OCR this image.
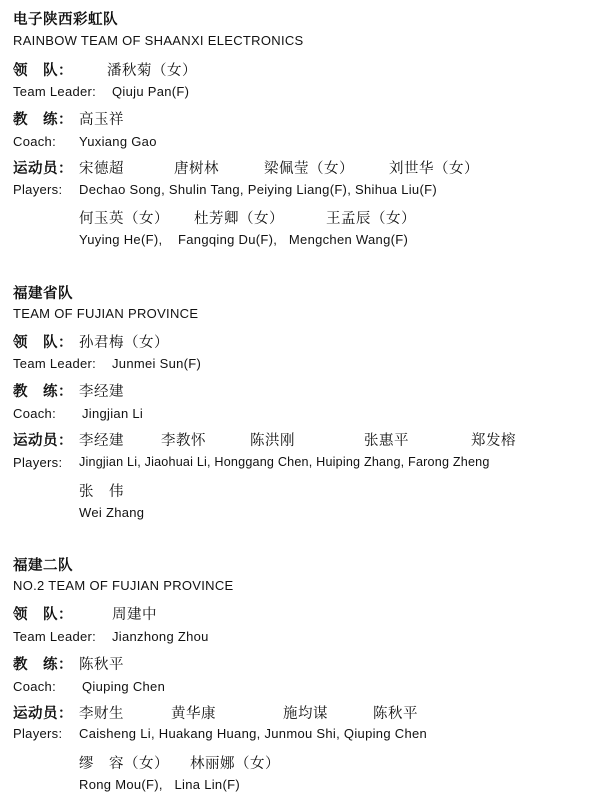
电子陕西彩虹队
RAINBOW TEAM OF SHAANXI ELECTRONICS
领　队： 潘秋菊（女）
Team Leader: Qiuju Pan(F)
教　练： 高玉祥
Coach: Yuxiang Gao
运动员： 宋德超	唐树林	梁佩莹（女） 刘世华（女）
Players: Dechao Song, Shulin Tang, Peiying Liang(F), Shihua Liu(F)
何玉英（女） 杜芳卿（女）	王孟辰（女）
Yuying He(F),    Fangqing Du(F),   Mengchen Wang(F)
福建省队
TEAM OF FUJIAN PROVINCE
领　队： 孙君梅（女）
Team Leader: Junmei Sun(F)
教　练： 李经建
Coach: Jingjian Li
运动员： 李经建	李教怀	陈洪刚	张惠平	郑发榕
Players: Jingjian Li, Jiaohuai Li, Honggang Chen, Huiping Zhang, Farong Zheng
张　伟
Wei Zhang
福建二队
NO.2 TEAM OF FUJIAN PROVINCE
领　队：	周建中
Team Leader: Jianzhong Zhou
教　练： 陈秋平
Coach: Qiuping Chen
运动员： 李财生	黄华康	施均谋	陈秋平
Players: Caisheng Li, Huakang Huang, Junmou Shi, Qiuping Chen
缪　容（女） 林丽娜（女）
Rong Mou(F),   Lina Lin(F)
